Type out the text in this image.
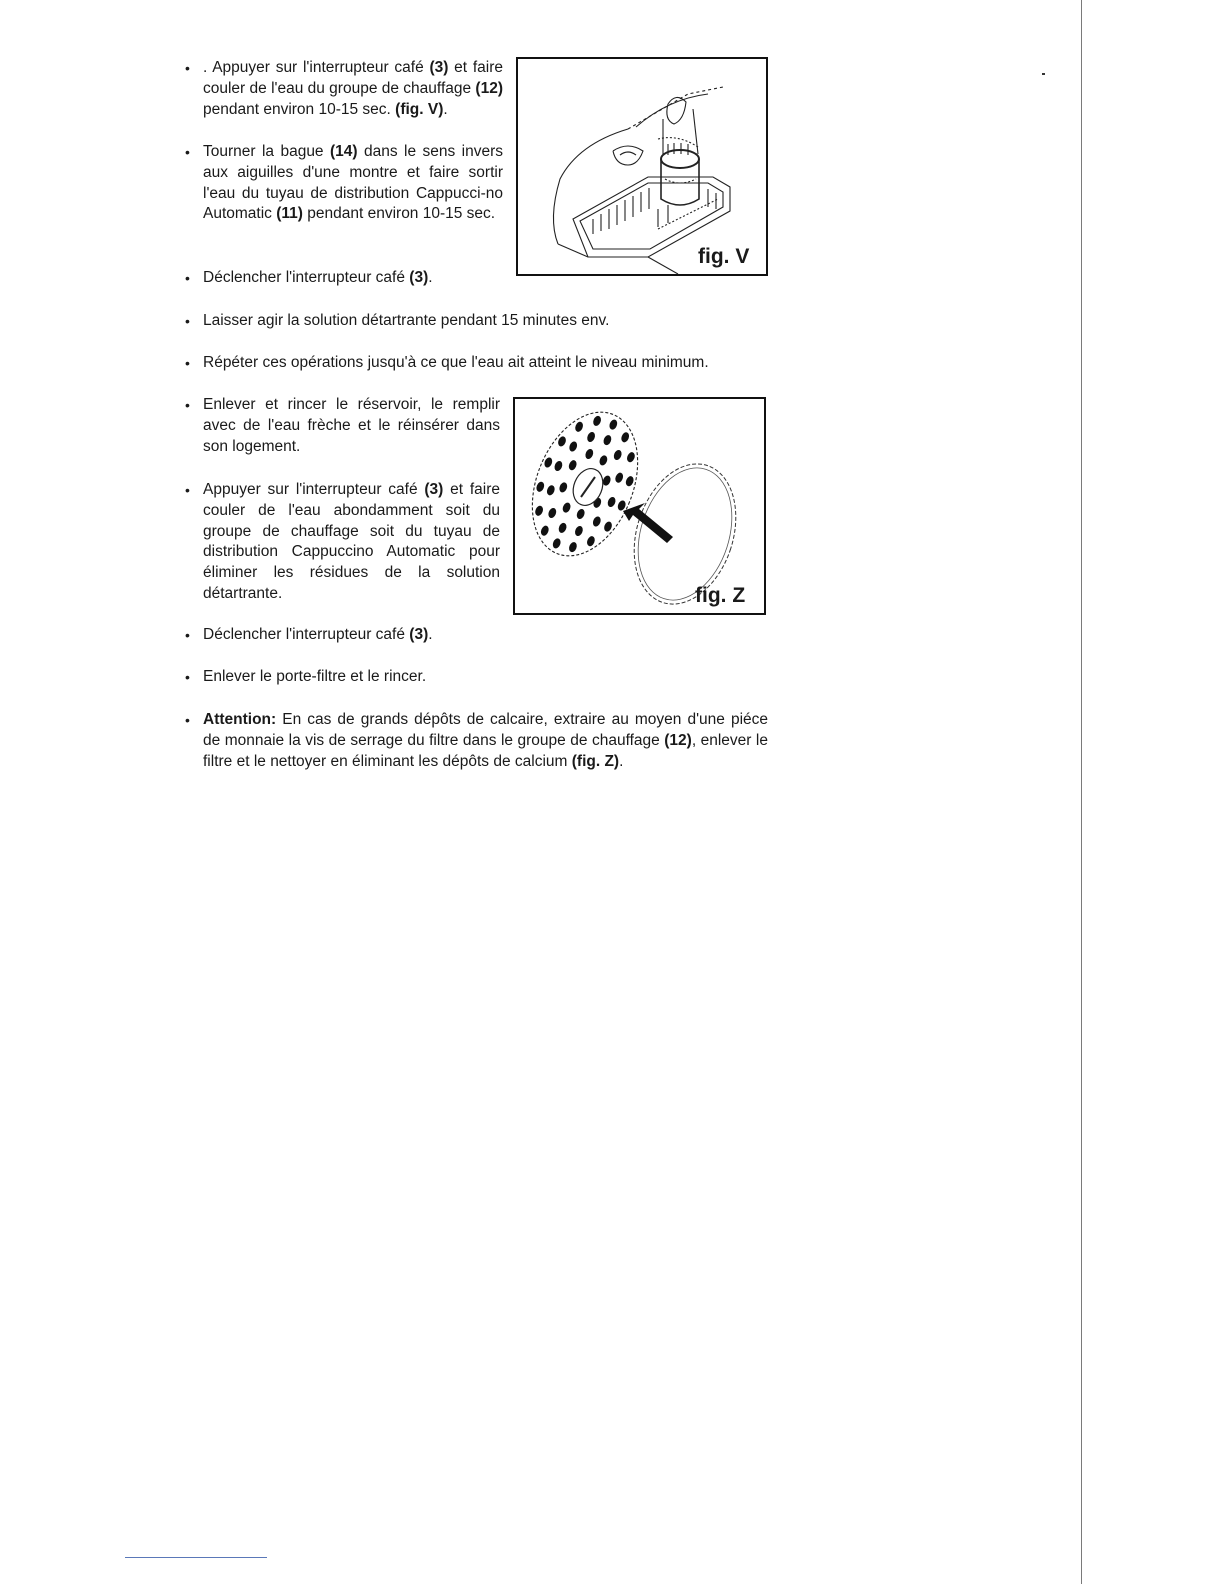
• . Appuyer sur l'interrupteur café (3) et faire couler de l'eau du groupe de chauffage (12) pendant environ 10-15 sec. (fig. V).
• Tourner la bague (14) dans le sens invers aux aiguilles d'une montre et faire sortir l'eau du tuyau de distribution Cappucci-no Automatic (11) pendant environ 10-15 sec.
• Déclencher l'interrupteur café (3).
• Laisser agir la solution détartrante pendant 15 minutes env.
• Répéter ces opérations jusqu'à ce que l'eau ait atteint le niveau minimum.
• Enlever et rincer le réservoir, le remplir avec de l'eau frèche et le réinsérer dans son logement.
• Appuyer sur l'interrupteur café (3) et faire couler de l'eau abondamment soit du groupe de chauffage soit du tuyau de distribution Cappuccino Automatic pour éliminer les résidues de la solution détartrante.
• Déclencher l'interrupteur café (3).
• Enlever le porte-filtre et le rincer.
• Attention: En cas de grands dépôts de calcaire, extraire au moyen d'une piéce de monnaie la vis de serrage du filtre dans le groupe de chauffage (12), enlever le filtre et le nettoyer en éliminant les dépôts de calcium (fig. Z).
fig. V
fig. Z
